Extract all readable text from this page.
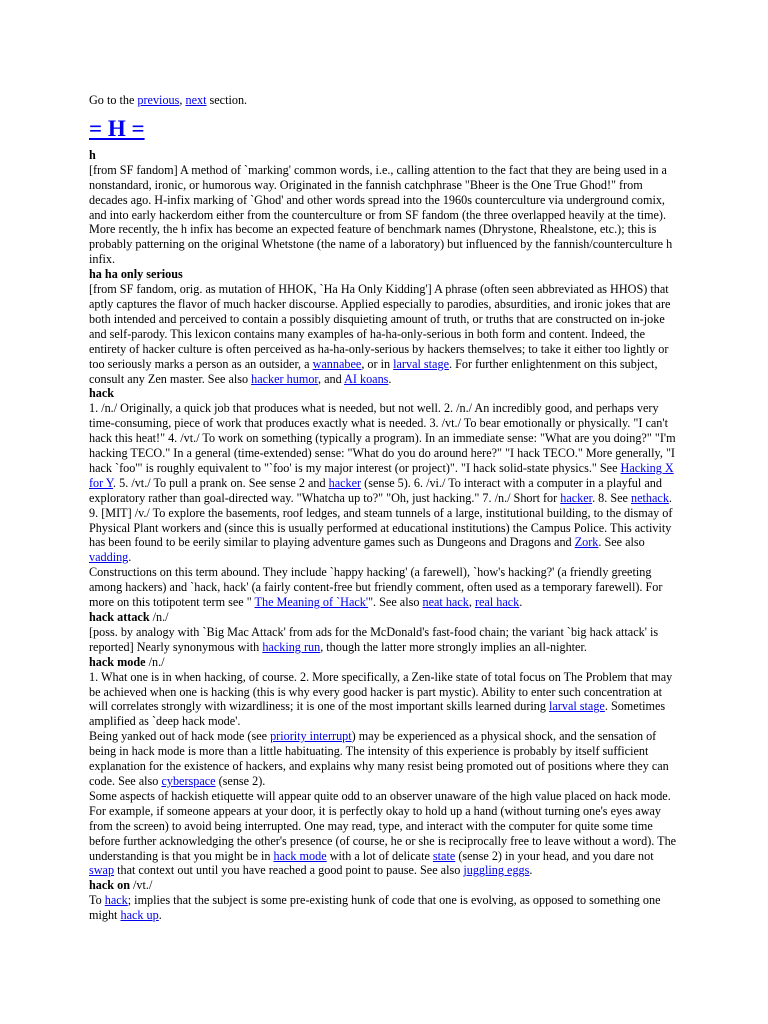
Go to the previous, next section.

= H =

h

[from SF fandom] A method of `marking' common words, i.e., calling attention to the fact that they are being used in a nonstandard, ironic, or humorous way. Originated in the fannish catchphrase "Bheer is the One True Ghod!" from decades ago. H-infix marking of `Ghod' and other words spread into the 1960s counterculture via underground comix, and into early hackerdom either from the counterculture or from SF fandom (the three overlapped heavily at the time). More recently, the h infix has become an expected feature of benchmark names (Dhrystone, Rhealstone, etc.); this is probably patterning on the original Whetstone (the name of a laboratory) but influenced by the fannish/counterculture h infix.

ha ha only serious

[from SF fandom, orig. as mutation of HHOK, `Ha Ha Only Kidding'] A phrase (often seen abbreviated as HHOS) that aptly captures the flavor of much hacker discourse. Applied especially to parodies, absurdities, and ironic jokes that are both intended and perceived to contain a possibly disquieting amount of truth, or truths that are constructed on in-joke and self-parody. This lexicon contains many examples of ha-ha-only-serious in both form and content. Indeed, the entirety of hacker culture is often perceived as ha-ha-only-serious by hackers themselves; to take it either too lightly or too seriously marks a person as an outsider, a wannabee, or in larval stage. For further enlightenment on this subject, consult any Zen master. See also hacker humor, and AI koans.

hack

1. /n./ Originally, a quick job that produces what is needed, but not well. 2. /n./ An incredibly good, and perhaps very time-consuming, piece of work that produces exactly what is needed. 3. /vt./ To bear emotionally or physically. "I can't hack this heat!" 4. /vt./ To work on something (typically a program). In an immediate sense: "What are you doing?" "I'm hacking TECO." In a general (time-extended) sense: "What do you do around here?" "I hack TECO." More generally, "I hack `foo'" is roughly equivalent to "`foo' is my major interest (or project)". "I hack solid-state physics." See Hacking X for Y. 5. /vt./ To pull a prank on. See sense 2 and hacker (sense 5). 6. /vi./ To interact with a computer in a playful and exploratory rather than goal-directed way. "Whatcha up to?" "Oh, just hacking." 7. /n./ Short for hacker. 8. See nethack. 9. [MIT] /v./ To explore the basements, roof ledges, and steam tunnels of a large, institutional building, to the dismay of Physical Plant workers and (since this is usually performed at educational institutions) the Campus Police. This activity has been found to be eerily similar to playing adventure games such as Dungeons and Dragons and Zork. See also vadding.

Constructions on this term abound. They include `happy hacking' (a farewell), `how's hacking?' (a friendly greeting among hackers) and `hack, hack' (a fairly content-free but friendly comment, often used as a temporary farewell). For more on this totipotent term see " The Meaning of `Hack'". See also neat hack, real hack.

hack attack /n./

[poss. by analogy with `Big Mac Attack' from ads for the McDonald's fast-food chain; the variant `big hack attack' is reported] Nearly synonymous with hacking run, though the latter more strongly implies an all-nighter.

hack mode /n./

1. What one is in when hacking, of course. 2. More specifically, a Zen-like state of total focus on The Problem that may be achieved when one is hacking (this is why every good hacker is part mystic). Ability to enter such concentration at will correlates strongly with wizardliness; it is one of the most important skills learned during larval stage. Sometimes amplified as `deep hack mode'.

Being yanked out of hack mode (see priority interrupt) may be experienced as a physical shock, and the sensation of being in hack mode is more than a little habituating. The intensity of this experience is probably by itself sufficient explanation for the existence of hackers, and explains why many resist being promoted out of positions where they can code. See also cyberspace (sense 2).

Some aspects of hackish etiquette will appear quite odd to an observer unaware of the high value placed on hack mode. For example, if someone appears at your door, it is perfectly okay to hold up a hand (without turning one's eyes away from the screen) to avoid being interrupted. One may read, type, and interact with the computer for quite some time before further acknowledging the other's presence (of course, he or she is reciprocally free to leave without a word). The understanding is that you might be in hack mode with a lot of delicate state (sense 2) in your head, and you dare not swap that context out until you have reached a good point to pause. See also juggling eggs.

hack on /vt./

To hack; implies that the subject is some pre-existing hunk of code that one is evolving, as opposed to something one might hack up.
